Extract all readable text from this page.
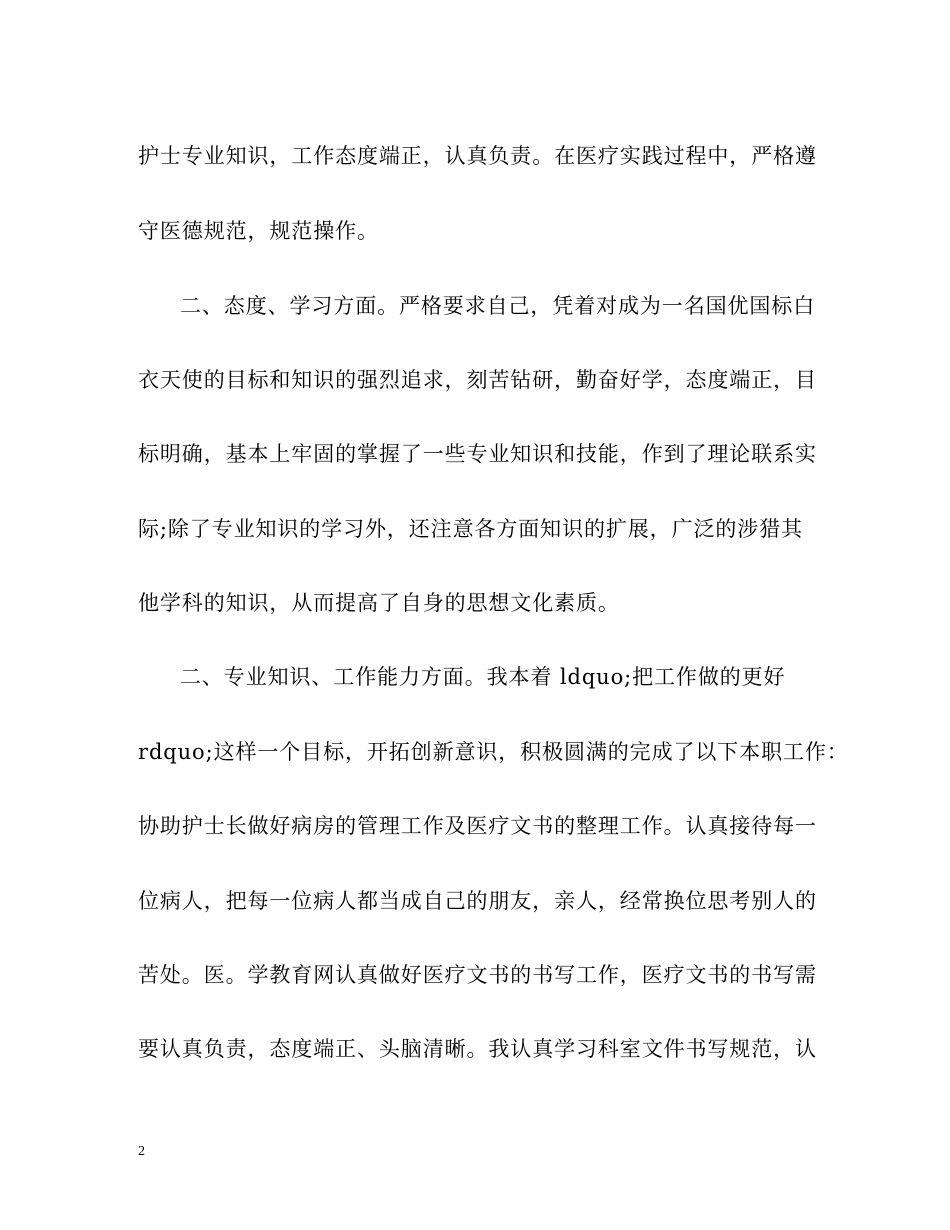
护士专业知识，工作态度端正，认真负责。在医疗实践过程中，严格遵
守医德规范，规范操作。
二、态度、学习方面。严格要求自己，凭着对成为一名国优国标白
衣天使的目标和知识的强烈追求，刻苦钻研，勤奋好学，态度端正，目
标明确，基本上牢固的掌握了一些专业知识和技能，作到了理论联系实
际;除了专业知识的学习外，还注意各方面知识的扩展，广泛的涉猎其
他学科的知识，从而提高了自身的思想文化素质。
二、专业知识、工作能力方面。我本着 ldquo;把工作做的更好
rdquo;这样一个目标，开拓创新意识，积极圆满的完成了以下本职工作：
协助护士长做好病房的管理工作及医疗文书的整理工作。认真接待每一
位病人，把每一位病人都当成自己的朋友，亲人，经常换位思考别人的
苦处。医。学教育网认真做好医疗文书的书写工作，医疗文书的书写需
要认真负责，态度端正、头脑清晰。我认真学习科室文件书写规范，认
2
